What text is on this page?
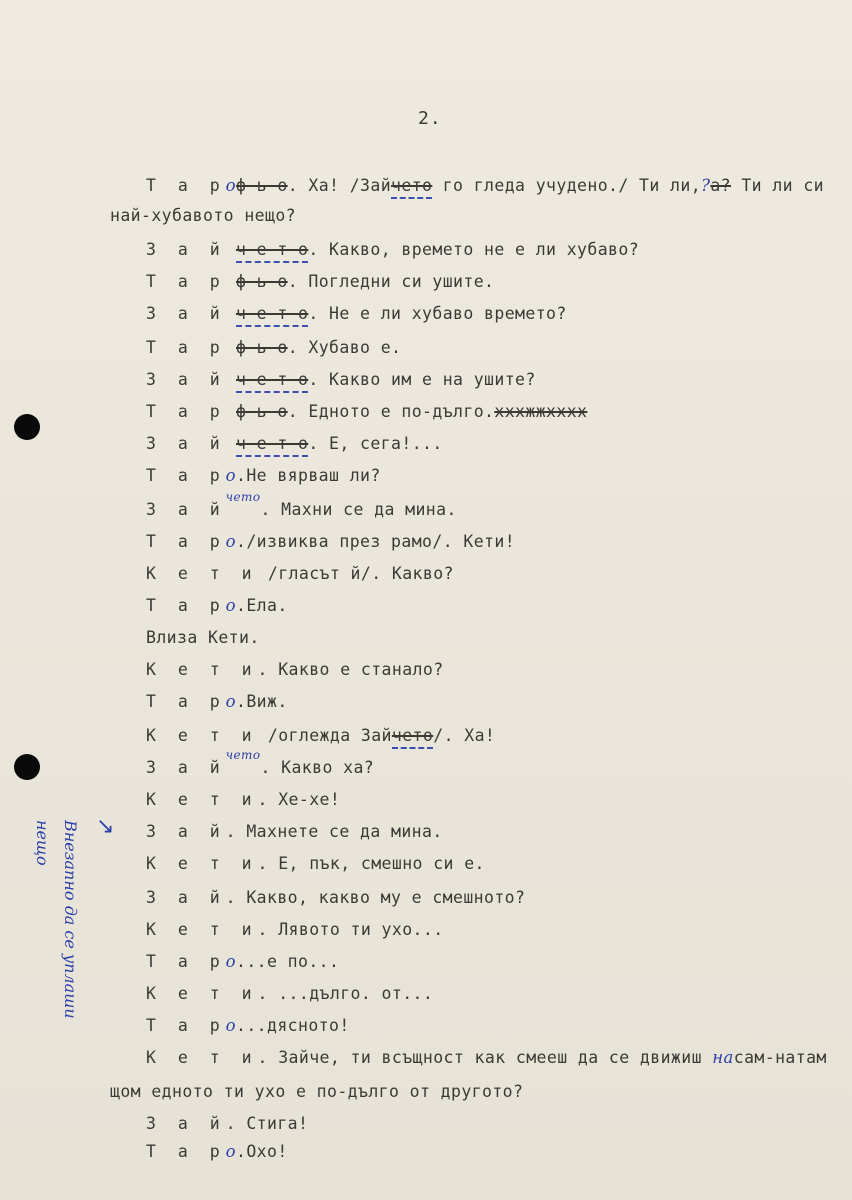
2.
Т а роф ь-о. Ха! /Зайчето го гледа учудено./ Ти ли,?а? Ти ли си
най-хубавото нещо?
З а й ч е т о. Какво, времето не е ли хубаво?
Т а р ф ь-о. Погледни си ушите.
З а й ч е т о. Не е ли хубаво времето?
Т а р ф ь-о. Хубаво е.
З а й ч е т о. Какво им е на ушите?
Т а р ф ь-о. Едното е по-дълго.хххжжхххх
З а й ч е т о. Е, сега!...
Т а ро.Не вярваш ли?
З а $й^{чето}$. Махни се да мина.
Т а ро./извиква през рамо/. Кети!
К е т и /гласът й/. Какво?
Т а ро.Ела.
Влиза Кети.
К е т и. Какво е станало?
Т а ро.Виж.
К е т и /оглежда Зайчето/. Ха!
З а $й^{чето}$. Какво ха?
К е т и. Хе-хе!
З а й. Махнете се да мина.
К е т и. Е, пък, смешно си е.
З а й. Какво, какво му е смешното?
К е т и. Лявото ти ухо...
Т а ро...е по...
К е т и. ...дълго. от...
Т а ро...дясното!
К е т и. Зайче, ти всъщност как смееш да се движиш насам-натам
щом едното ти ухо е по-дълго от другото?
З а й. Стига!
Т а ро.Охо!
↘
Внезапно да се уплаши нещо
